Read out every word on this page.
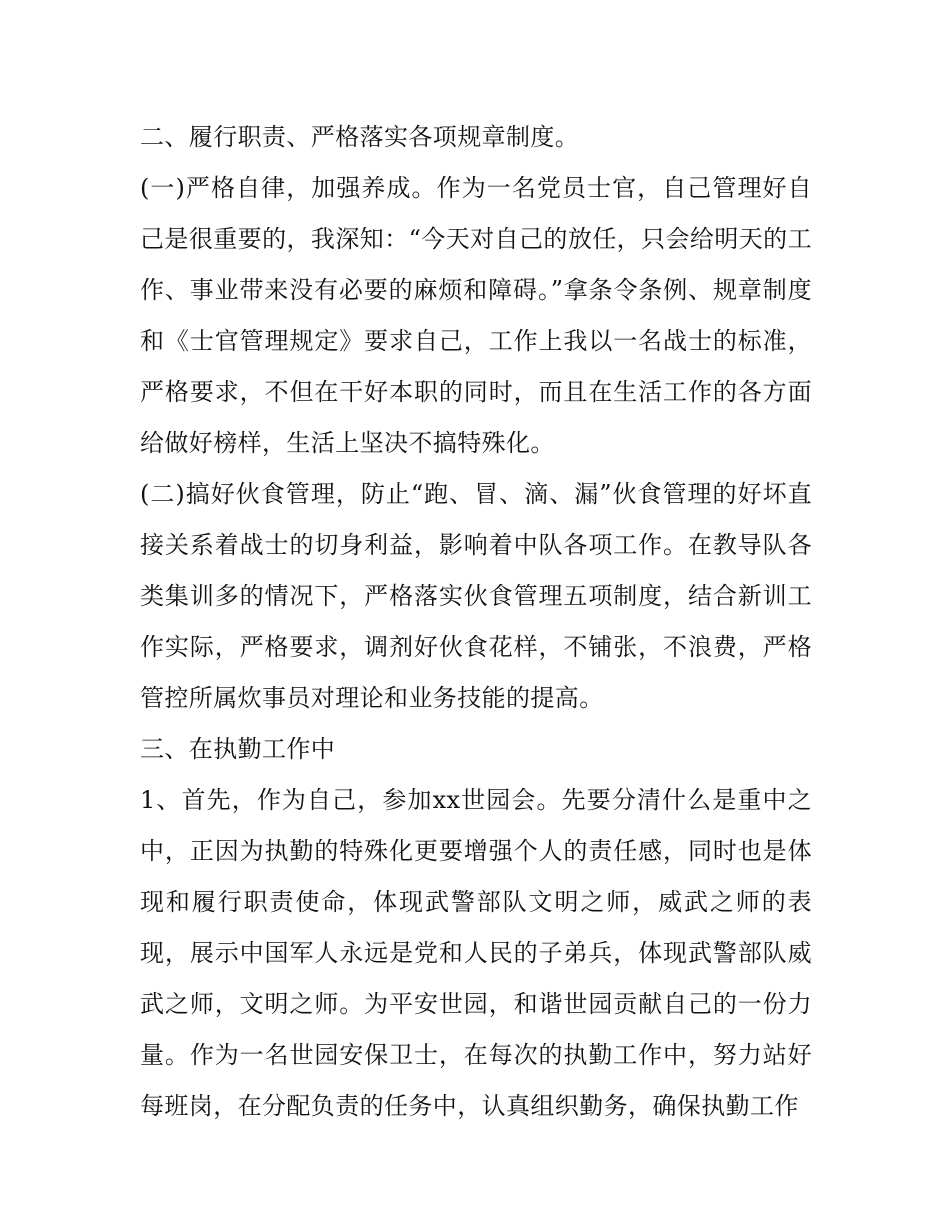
二、履行职责、严格落实各项规章制度。

(一)严格自律，加强养成。作为一名党员士官，自己管理好自己是很重要的，我深知：“今天对自己的放任，只会给明天的工作、事业带来没有必要的麻烦和障碍。”拿条令条例、规章制度和《士官管理规定》要求自己，工作上我以一名战士的标准，严格要求，不但在干好本职的同时，而且在生活工作的各方面给做好榜样，生活上坚决不搞特殊化。

(二)搞好伙食管理，防止“跑、冒、滴、漏”伙食管理的好坏直接关系着战士的切身利益，影响着中队各项工作。在教导队各类集训多的情况下，严格落实伙食管理五项制度，结合新训工作实际，严格要求，调剂好伙食花样，不铺张，不浪费，严格管控所属炊事员对理论和业务技能的提高。

三、在执勤工作中

1、首先，作为自己，参加xx世园会。先要分清什么是重中之中，正因为执勤的特殊化更要增强个人的责任感，同时也是体现和履行职责使命，体现武警部队文明之师，威武之师的表现，展示中国军人永远是党和人民的子弟兵，体现武警部队威武之师，文明之师。为平安世园，和谐世园贡献自己的一份力量。作为一名世园安保卫士，在每次的执勤工作中，努力站好每班岗，在分配负责的任务中，认真组织勤务，确保执勤工作
